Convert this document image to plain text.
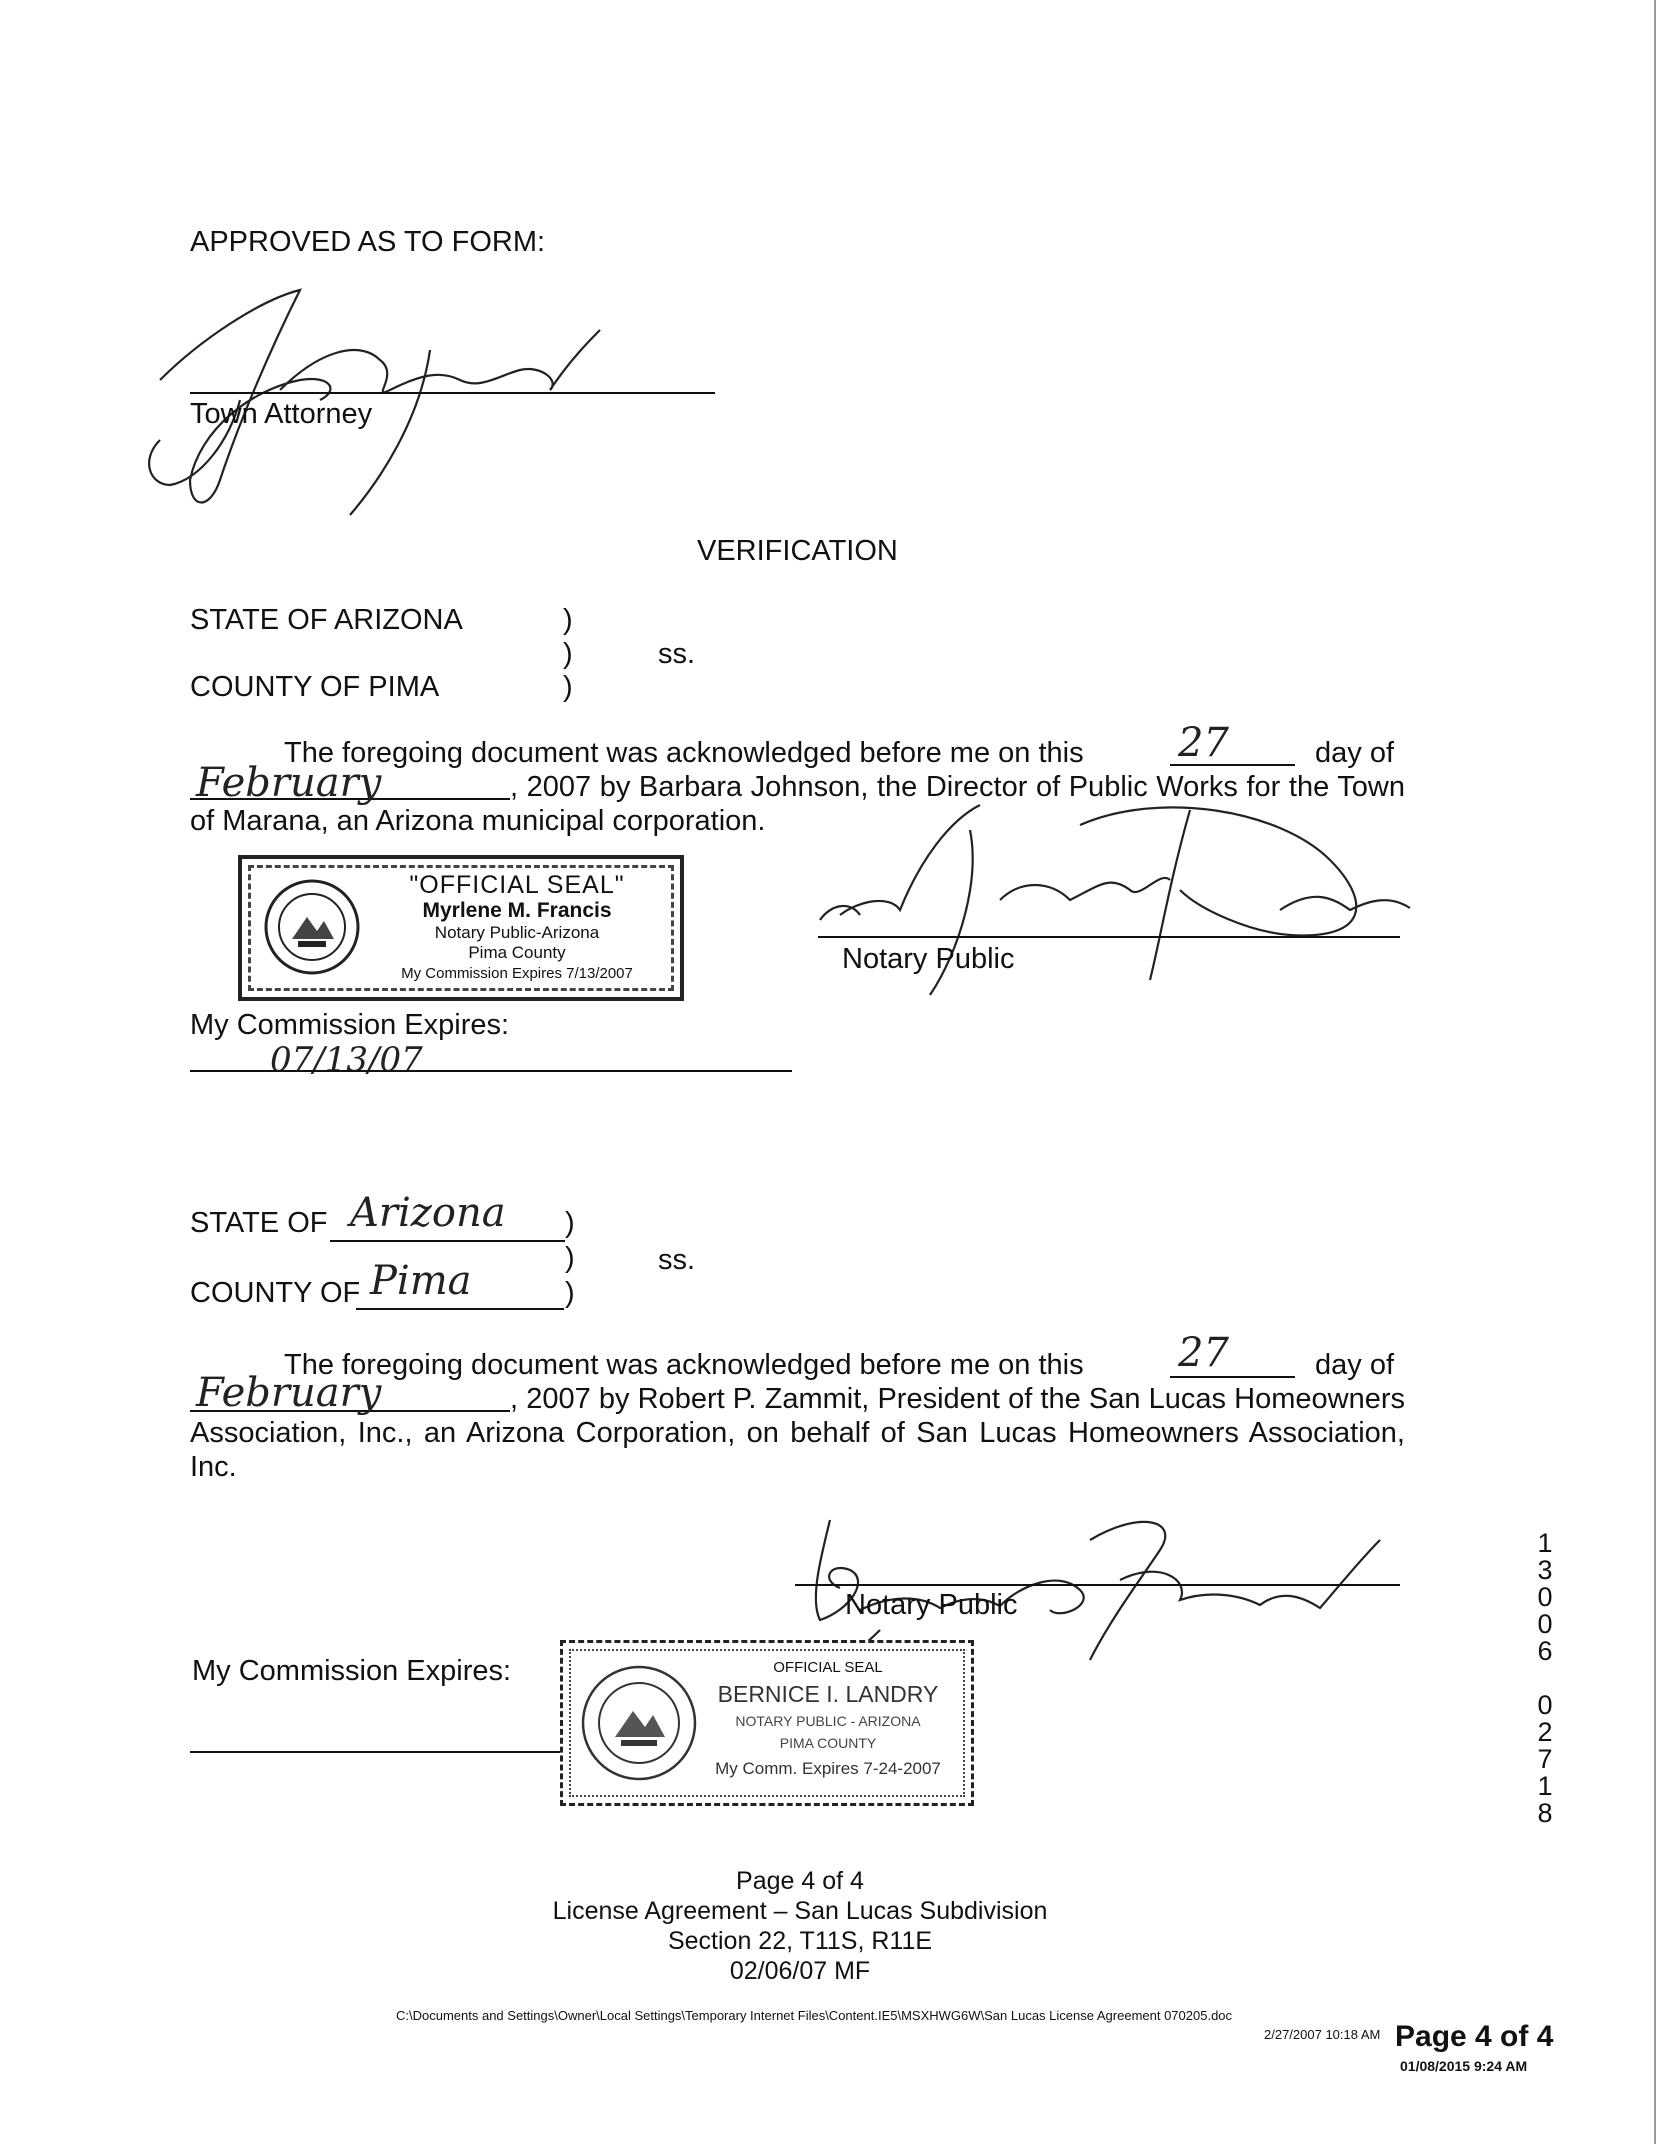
APPROVED AS TO FORM:
Town Attorney
VERIFICATION
STATE OF ARIZONA	)
)	ss.
COUNTY OF PIMA	)
The foregoing document was acknowledged before me on this 27	day of
February	, 2007 by Barbara Johnson, the Director of Public Works for the Town of Marana, an Arizona municipal corporation.
"OFFICIAL SEAL"
Myrlene M. Francis
Notary Public-Arizona
Pima County
My Commission Expires 7/13/2007	Notary Public
My Commission Expires:
07/13/07
STATE OF Arizona )
)	ss.
COUNTY OF Pima	)
The foregoing document was acknowledged before me on this 27	day of
February	, 2007 by Robert P. Zammit, President of the San Lucas Homeowners Association, Inc., an Arizona Corporation, on behalf of San Lucas Homeowners Association, Inc.
Notary Public
My Commission Expires:	OFFICIAL SEAL
BERNICE I. LANDRY
NOTARY PUBLIC - ARIZONA
PIMA COUNTY
My Comm. Expires 7-24-2007
1
3
0
0
6
0
2
7
1
8
Page 4 of 4
License Agreement – San Lucas Subdivision
Section 22, T11S, R11E
02/06/07 MF
C:\Documents and Settings\Owner\Local Settings\Temporary Internet Files\Content.IE5\MSXHWG6W\San Lucas License Agreement 070205.doc
2/27/2007 10:18 AM Page 4 of 4
01/08/2015 9:24 AM
